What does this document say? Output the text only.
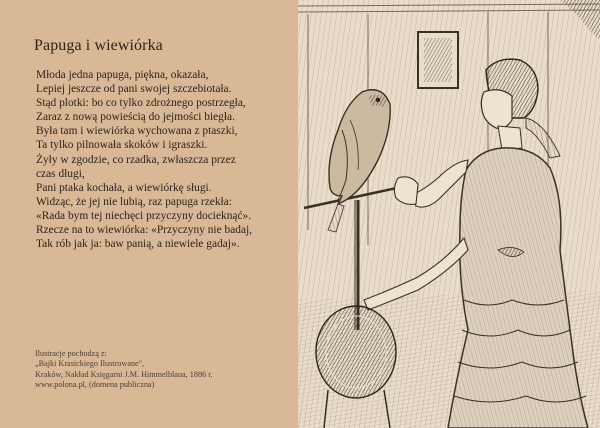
Papuga i wiewiórka
Młoda jedna papuga, piękna, okazała,
Lepiej jeszcze od pani swojej szczebiotała.
Stąd plotki: bo co tylko zdrożnego postrzegła,
Zaraz z nową powieścią do jejmości biegła.
Była tam i wiewiórka wychowana z ptaszki,
Ta tylko pilnowała skoków i igraszki.
Żyły w zgodzie, co rzadka, zwłaszcza przez
czas długi,
Pani ptaka kochała, a wiewiórkę sługi.
Widząc, że jej nie lubią, raz papuga rzekła:
«Rada bym tej niechęci przyczyny docieknąć».
Rzecze na to wiewiórka: «Przyczyny nie badaj,
Tak rób jak ja: baw panią, a niewiele gadaj».
Ilustracje pochodzą z:
„Bajki Krasickiego Ilustrowane",
Kraków, Nakład Księgarni J.M. Himmelblaua, 1886 r.
www.polona.pl, (domena publiczna)
